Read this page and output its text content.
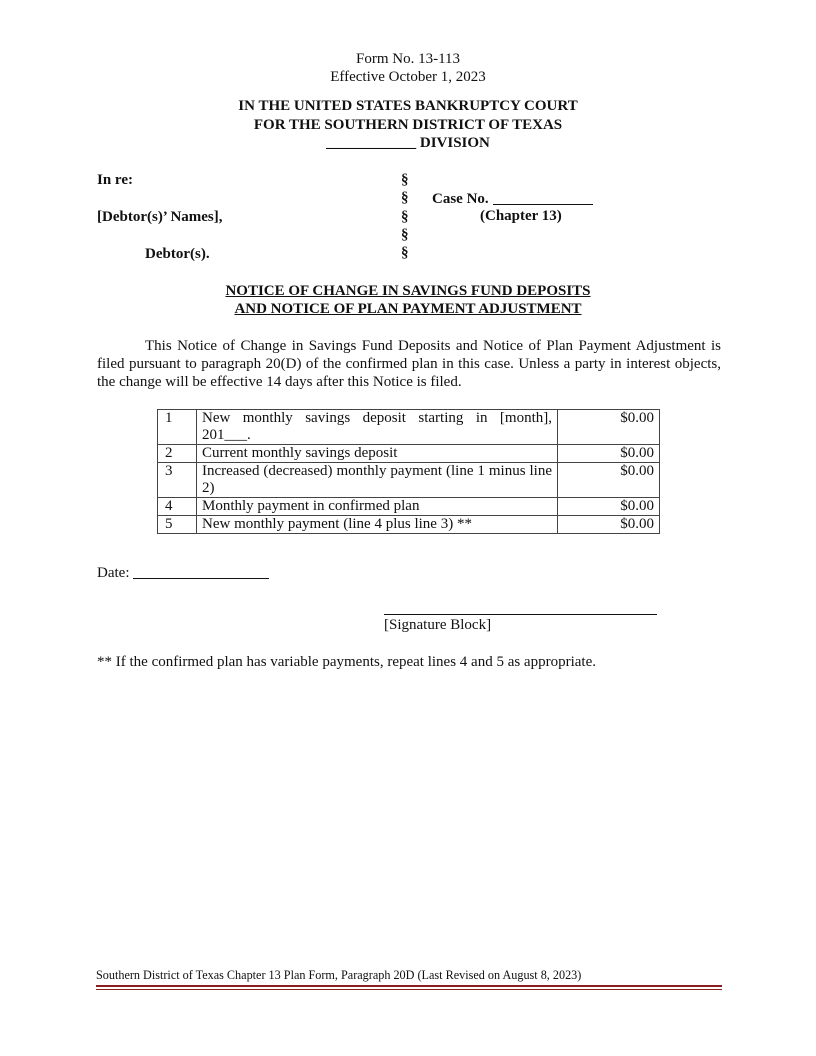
Form No. 13-113
Effective October 1, 2023
IN THE UNITED STATES BANKRUPTCY COURT
FOR THE SOUTHERN DISTRICT OF TEXAS
____________ DIVISION
In re:
[Debtor(s)’ Names],
Debtor(s).
§
§
§
§
§
Case No.
(Chapter 13)
NOTICE OF CHANGE IN SAVINGS FUND DEPOSITS
AND NOTICE OF PLAN PAYMENT ADJUSTMENT
This Notice of Change in Savings Fund Deposits and Notice of Plan Payment Adjustment is filed pursuant to paragraph 20(D) of the confirmed plan in this case. Unless a party in interest objects, the change will be effective 14 days after this Notice is filed.
1	New monthly savings deposit starting in [month], 201___.	$0.00
2	Current monthly savings deposit	$0.00
3	Increased (decreased) monthly payment (line 1 minus line 2)	$0.00
4	Monthly payment in confirmed plan	$0.00
5	New monthly payment (line 4 plus line 3) **	$0.00
Date:
[Signature Block]
** If the confirmed plan has variable payments, repeat lines 4 and 5 as appropriate.
Southern District of Texas Chapter 13 Plan Form, Paragraph 20D (Last Revised on August 8, 2023)
